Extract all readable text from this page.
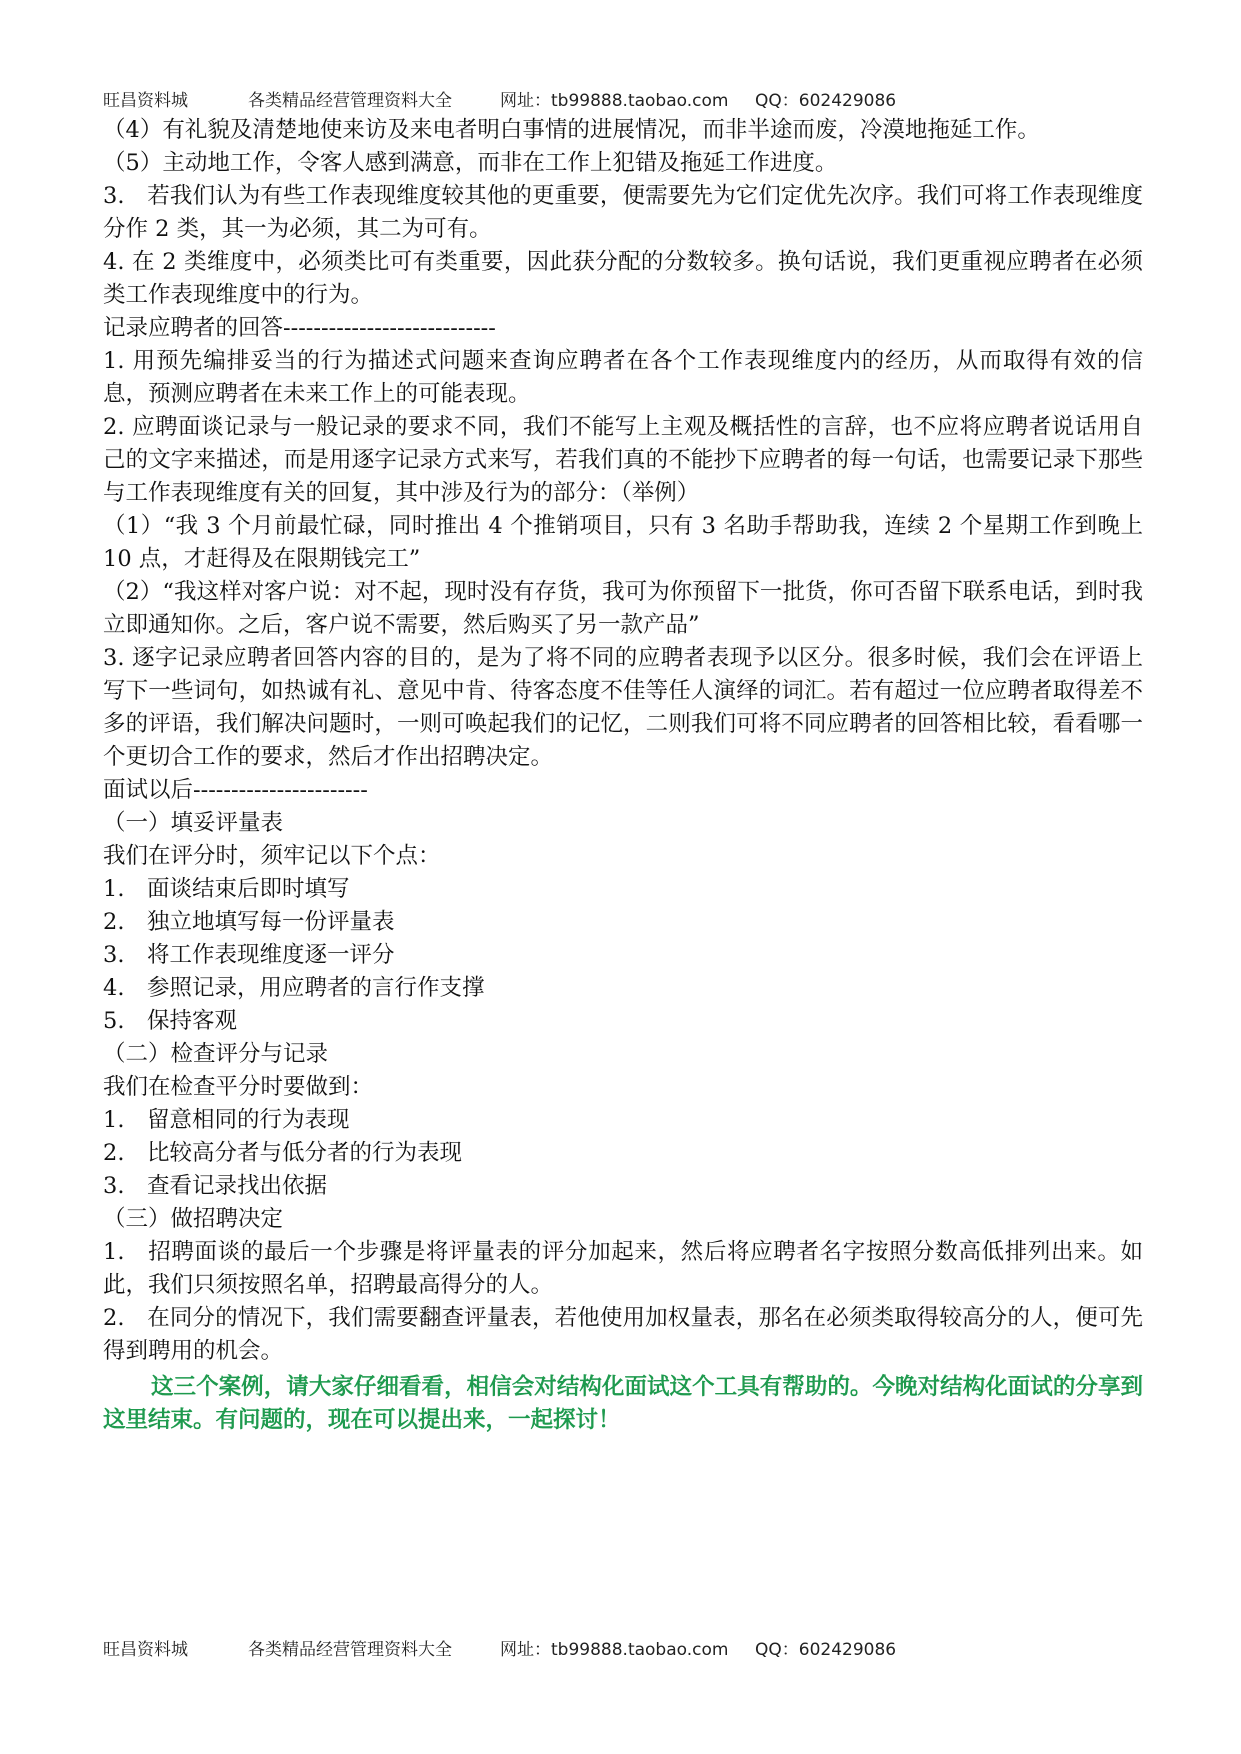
旺昌资料城	各类精品经营管理资料大全	网址：tb99888.taobao.com QQ：602429086

（4）有礼貌及清楚地使来访及来电者明白事情的进展情况，而非半途而废，冷漠地拖延工作。

（5）主动地工作，令客人感到满意，而非在工作上犯错及拖延工作进度。

3.　若我们认为有些工作表现维度较其他的更重要，便需要先为它们定优先次序。我们可将工作表现维度分作 2 类，其一为必须，其二为可有。

4. 在 2 类维度中，必须类比可有类重要，因此获分配的分数较多。换句话说，我们更重视应聘者在必须类工作表现维度中的行为。

记录应聘者的回答----------------------------

1. 用预先编排妥当的行为描述式问题来查询应聘者在各个工作表现维度内的经历，从而取得有效的信息，预测应聘者在未来工作上的可能表现。

2. 应聘面谈记录与一般记录的要求不同，我们不能写上主观及概括性的言辞，也不应将应聘者说话用自己的文字来描述，而是用逐字记录方式来写，若我们真的不能抄下应聘者的每一句话，也需要记录下那些与工作表现维度有关的回复，其中涉及行为的部分：（举例）

（1）“我 3 个月前最忙碌，同时推出 4 个推销项目，只有 3 名助手帮助我，连续 2 个星期工作到晚上 10 点，才赶得及在限期钱完工”

（2）“我这样对客户说：对不起，现时没有存货，我可为你预留下一批货，你可否留下联系电话，到时我立即通知你。之后，客户说不需要，然后购买了另一款产品”

3. 逐字记录应聘者回答内容的目的，是为了将不同的应聘者表现予以区分。很多时候，我们会在评语上写下一些词句，如热诚有礼、意见中肯、待客态度不佳等任人演绎的词汇。若有超过一位应聘者取得差不多的评语，我们解决问题时，一则可唤起我们的记忆，二则我们可将不同应聘者的回答相比较，看看哪一个更切合工作的要求，然后才作出招聘决定。

面试以后-----------------------

（一）填妥评量表

我们在评分时，须牢记以下个点：

1.　面谈结束后即时填写

2.　独立地填写每一份评量表

3.　将工作表现维度逐一评分

4.　参照记录，用应聘者的言行作支撑

5.　保持客观

（二）检查评分与记录

我们在检查平分时要做到：

1.　留意相同的行为表现

2.　比较高分者与低分者的行为表现

3.　查看记录找出依据

（三）做招聘决定

1.　招聘面谈的最后一个步骤是将评量表的评分加起来，然后将应聘者名字按照分数高低排列出来。如此，我们只须按照名单，招聘最高得分的人。

2.　在同分的情况下，我们需要翻查评量表，若他使用加权量表，那名在必须类取得较高分的人，便可先得到聘用的机会。

这三个案例，请大家仔细看看，相信会对结构化面试这个工具有帮助的。今晚对结构化面试的分享到这里结束。有问题的，现在可以提出来，一起探讨！

旺昌资料城	各类精品经营管理资料大全	网址：tb99888.taobao.com QQ：602429086
